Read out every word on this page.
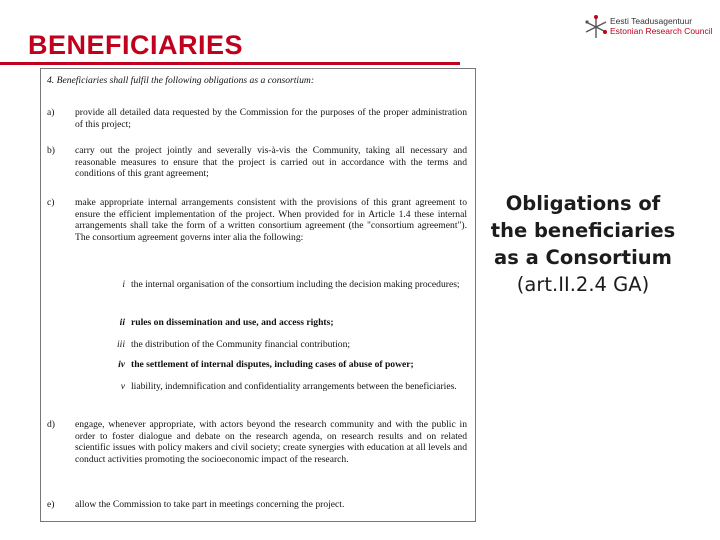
BENEFICIARIES
Eesti Teadusagentuur
Estonian Research Council
4. Beneficiaries shall fulfil the following obligations as a consortium:
a)	provide all detailed data requested by the Commission for the purposes of the proper administration of this project;
b)	carry out the project jointly and severally vis-à-vis the Community, taking all necessary and reasonable measures to ensure that the project is carried out in accordance with the terms and conditions of this grant agreement;
c)	make appropriate internal arrangements consistent with the provisions of this grant agreement to ensure the efficient implementation of the project. When provided for in Article 1.4 these internal arrangements shall take the form of a written consortium agreement (the "consortium agreement"). The consortium agreement governs inter alia the following:
i the internal organisation of the consortium including the decision making procedures;
ii rules on dissemination and use, and access rights;
iii the distribution of the Community financial contribution;
iv the settlement of internal disputes, including cases of abuse of power;
v liability, indemnification and confidentiality arrangements between the beneficiaries.
d)	engage, whenever appropriate, with actors beyond the research community and with the public in order to foster dialogue and debate on the research agenda, on research results and on related scientific issues with policy makers and civil society; create synergies with education at all levels and conduct activities promoting the socioeconomic impact of the research.
e)	allow the Commission to take part in meetings concerning the project.
Obligations of
the beneficiaries
as a Consortium
(art.II.2.4 GA)
